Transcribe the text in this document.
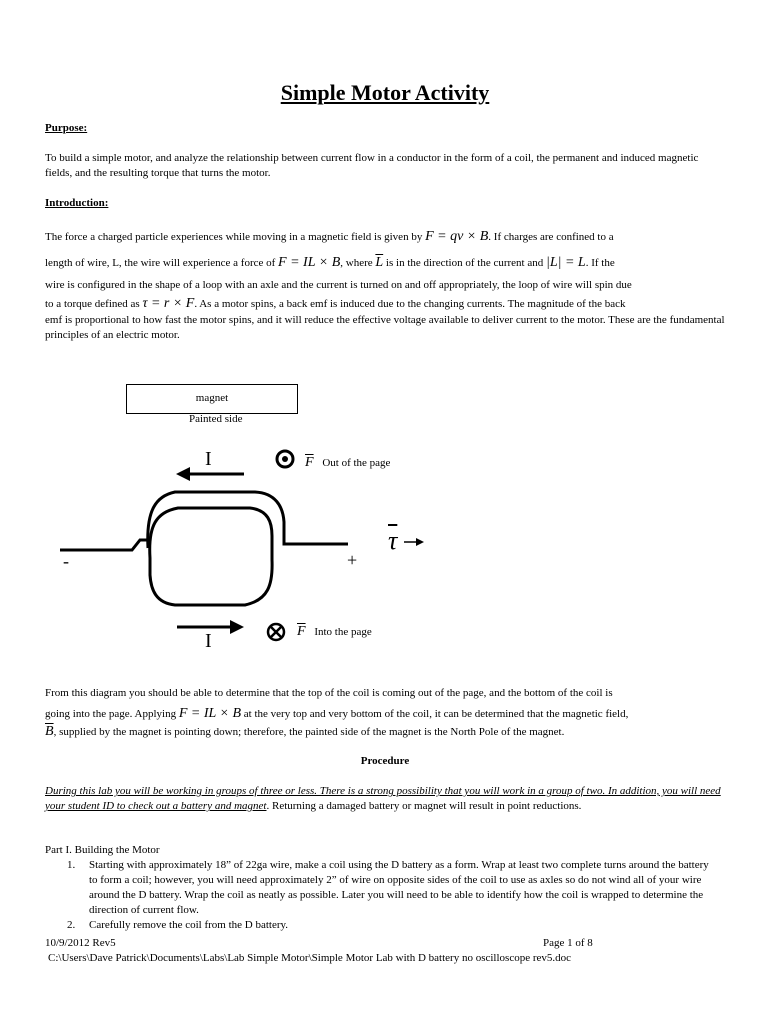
Simple Motor Activity
Purpose:

To build a simple motor, and analyze the relationship between current flow in a conductor in the form of a coil, the permanent and induced magnetic fields, and the resulting torque that turns the motor.

Introduction:
The force a charged particle experiences while moving in a magnetic field is given by F = qv × B. If charges are confined to a
length of wire, L, the wire will experience a force of F = IL × B, where $\overline{L}$ is in the direction of the current and |L| = L. If the
wire is configured in the shape of a loop with an axle and the current is turned on and off appropriately, the loop of wire will spin due
to a torque defined as τ = r × F. As a motor spins, a back emf is induced due to the changing currents. The magnitude of the back

emf is proportional to how fast the motor spins, and it will reduce the effective voltage available to deliver current to the motor. These are the fundamental principles of an electric motor.

magnet
Painted side
I
I
$\overline{F}$ Out of the page
$\overline{F}$ Into the page
-	+
$\overline{\tau}$
From this diagram you should be able to determine that the top of the coil is coming out of the page, and the bottom of the coil is
going into the page. Applying F = IL × B at the very top and very bottom of the coil, it can be determined that the magnetic field,
$\overline{B}$, supplied by the magnet is pointing down; therefore, the painted side of the magnet is the North Pole of the magnet.
Procedure

During this lab you will be working in groups of three or less. There is a strong possibility that you will work in a group of two. In addition, you will need your student ID to check out a battery and magnet. Returning a damaged battery or magnet will result in point reductions.

Part I. Building the Motor
1. Starting with approximately 18” of 22ga wire, make a coil using the D battery as a form. Wrap at least two complete turns around the battery to form a coil; however, you will need approximately 2” of wire on opposite sides of the coil to use as axles so do not wind all of your wire around the D battery. Wrap the coil as neatly as possible. Later you will need to be able to identify how the coil is wrapped to determine the direction of current flow.
2. Carefully remove the coil from the D battery.
10/9/2012 Rev5	Page 1 of 8
C:\Users\Dave Patrick\Documents\Labs\Lab Simple Motor\Simple Motor Lab with D battery no oscilloscope rev5.doc
